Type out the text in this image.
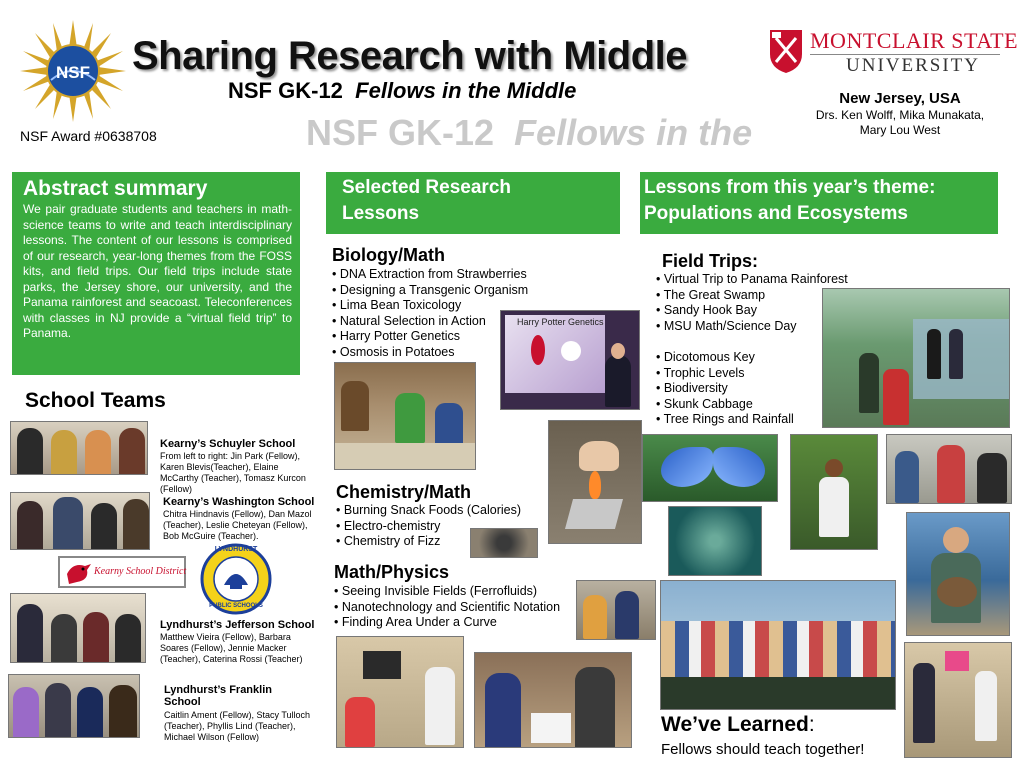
NSF Sharing Research with Middle
NSF GK-12 Fellows in the Middle
NSF GK-12 Fellows in the
NSF Award #0638708
MONTCLAIR STATE
UNIVERSITY
New Jersey, USA
Drs. Ken Wolff, Mika Munakata,
Mary Lou West
Abstract summary
We pair graduate students and teachers in math-science teams to write and teach interdisciplinary lessons. The content of our lessons is comprised of our research, year-long themes from the FOSS kits, and field trips. Our field trips include state parks, the Jersey shore, our university, and the Panama rainforest and seacoast. Teleconferences with classes in NJ provide a “virtual field trip” to Panama.
Selected Research
Lessons
Biology/Math
• DNA Extraction from Strawberries
• Designing a Transgenic Organism
• Lima Bean Toxicology
• Natural Selection in Action
• Harry Potter Genetics
• Osmosis in Potatoes
Harry Potter Genetics
Chemistry/Math
• Burning Snack Foods (Calories)
• Electro-chemistry
• Chemistry of Fizz
Math/Physics
• Seeing Invisible Fields (Ferrofluids)
• Nanotechnology and Scientific Notation
• Finding Area Under a Curve
Lessons from this year’s theme:
Populations and Ecosystems
Field Trips:
• Virtual Trip to Panama Rainforest
• The Great Swamp
• Sandy Hook Bay
• MSU Math/Science Day
• Dicotomous Key
• Trophic Levels
• Biodiversity
• Skunk Cabbage
• Tree Rings and Rainfall
We’ve Learned:
Fellows should teach together!
School Teams
Kearny’s Schuyler School
From left to right: Jin Park (Fellow), Karen Blevis(Teacher), Elaine McCarthy (Teacher), Tomasz Kurcon (Fellow)
Kearny’s Washington School
Chitra Hindnavis (Fellow), Dan Mazol (Teacher), Leslie Cheteyan (Fellow), Bob McGuire (Teacher).
Kearny School District
LYNDHURST
PUBLIC SCHOOLS
Lyndhurst’s Jefferson School
Matthew Vieira (Fellow), Barbara Soares (Fellow), Jennie Macker (Teacher), Caterina Rossi (Teacher)
Lyndhurst’s Franklin School
Caitlin Ament (Fellow), Stacy Tulloch (Teacher), Phyllis Lind (Teacher), Michael Wilson (Fellow)
